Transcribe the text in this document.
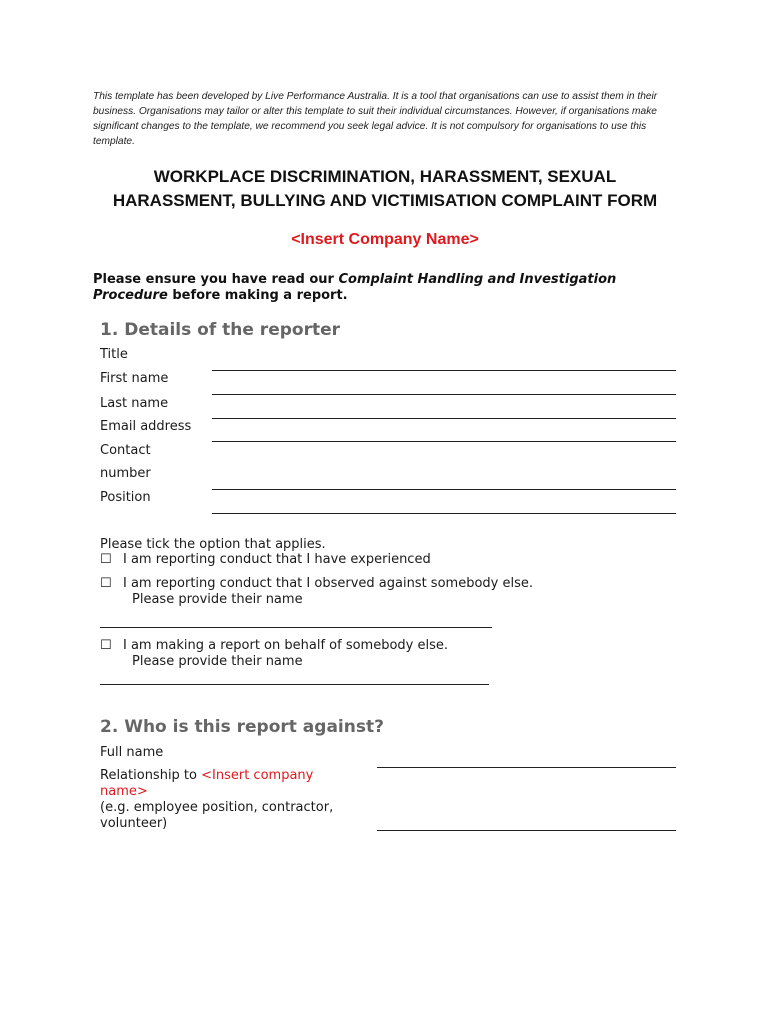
This template has been developed by Live Performance Australia. It is a tool that organisations can use to assist them in their business. Organisations may tailor or alter this template to suit their individual circumstances. However, if organisations make significant changes to the template, we recommend you seek legal advice. It is not compulsory for organisations to use this template.
WORKPLACE DISCRIMINATION, HARASSMENT, SEXUAL
HARASSMENT, BULLYING AND VICTIMISATION COMPLAINT FORM
<Insert Company Name>
Please ensure you have read our Complaint Handling and Investigation Procedure before making a report.
1. Details of the reporter
Title
First name
Last name
Email address
Contact
number
Position
Please tick the option that applies.
☐ I am reporting conduct that I have experienced
☐ I am reporting conduct that I observed against somebody else.
Please provide their name
☐ I am making a report on behalf of somebody else.
Please provide their name
2. Who is this report against?
Full name
Relationship to <Insert company
name>
(e.g. employee position, contractor,
volunteer)
